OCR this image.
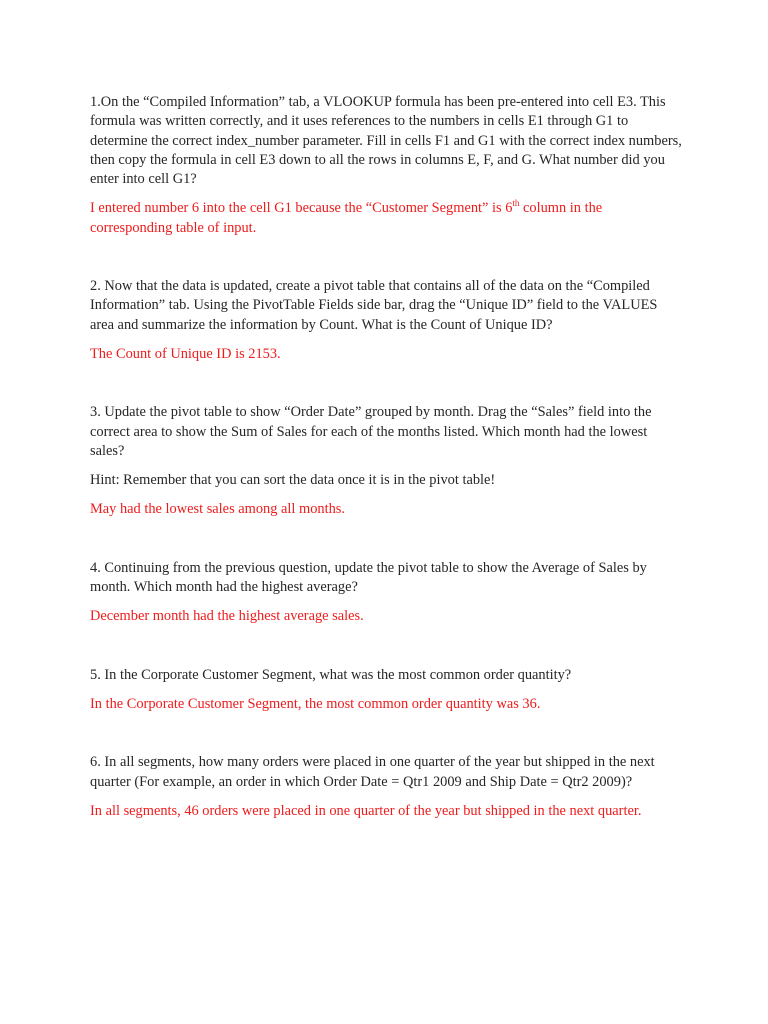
1.On the “Compiled Information” tab, a VLOOKUP formula has been pre-entered into cell E3. This formula was written correctly, and it uses references to the numbers in cells E1 through G1 to determine the correct index_number parameter. Fill in cells F1 and G1 with the correct index numbers, then copy the formula in cell E3 down to all the rows in columns E, F, and G. What number did you enter into cell G1?

I entered number 6 into the cell G1 because the “Customer Segment” is 6th column in the corresponding table of input.

2. Now that the data is updated, create a pivot table that contains all of the data on the “Compiled Information” tab. Using the PivotTable Fields side bar, drag the “Unique ID” field to the VALUES area and summarize the information by Count. What is the Count of Unique ID?

The Count of Unique ID is 2153.

3. Update the pivot table to show “Order Date” grouped by month. Drag the “Sales” field into the correct area to show the Sum of Sales for each of the months listed. Which month had the lowest sales?

Hint: Remember that you can sort the data once it is in the pivot table!

May had the lowest sales among all months.

4. Continuing from the previous question, update the pivot table to show the Average of Sales by month. Which month had the highest average?

December month had the highest average sales.

5. In the Corporate Customer Segment, what was the most common order quantity?

In the Corporate Customer Segment, the most common order quantity was 36.

6. In all segments, how many orders were placed in one quarter of the year but shipped in the next quarter (For example, an order in which Order Date = Qtr1 2009 and Ship Date = Qtr2 2009)?

In all segments, 46 orders were placed in one quarter of the year but shipped in the next quarter.
